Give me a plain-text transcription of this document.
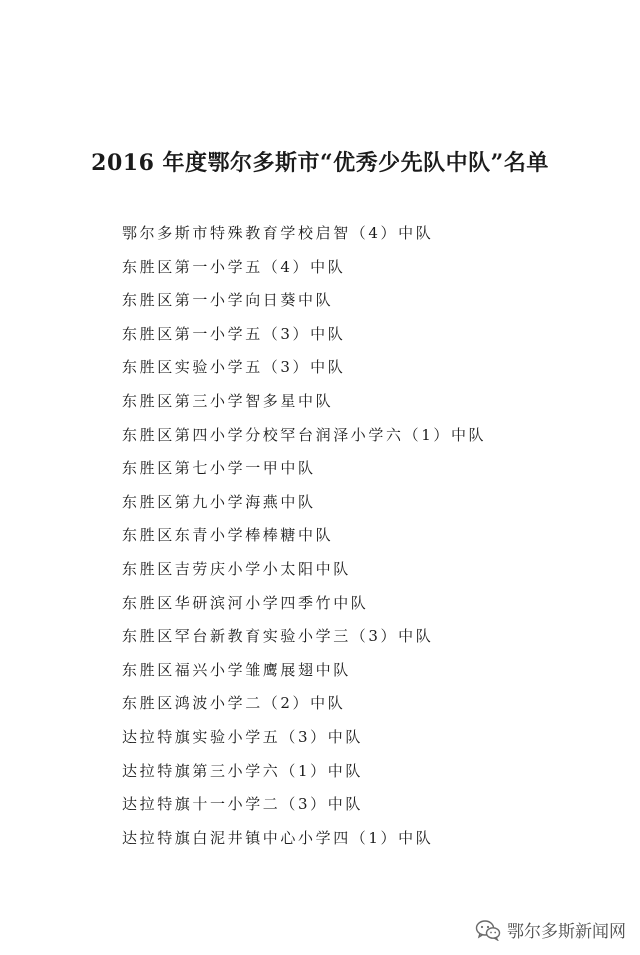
2016 年度鄂尔多斯市“优秀少先队中队”名单
鄂尔多斯市特殊教育学校启智（4）中队
东胜区第一小学五（4）中队
东胜区第一小学向日葵中队
东胜区第一小学五（3）中队
东胜区实验小学五（3）中队
东胜区第三小学智多星中队
东胜区第四小学分校罕台润泽小学六（1）中队
东胜区第七小学一甲中队
东胜区第九小学海燕中队
东胜区东青小学棒棒糖中队
东胜区吉劳庆小学小太阳中队
东胜区华研滨河小学四季竹中队
东胜区罕台新教育实验小学三（3）中队
东胜区福兴小学雏鹰展翅中队
东胜区鸿波小学二（2）中队
达拉特旗实验小学五（3）中队
达拉特旗第三小学六（1）中队
达拉特旗十一小学二（3）中队
达拉特旗白泥井镇中心小学四（1）中队
鄂尔多斯新闻网
